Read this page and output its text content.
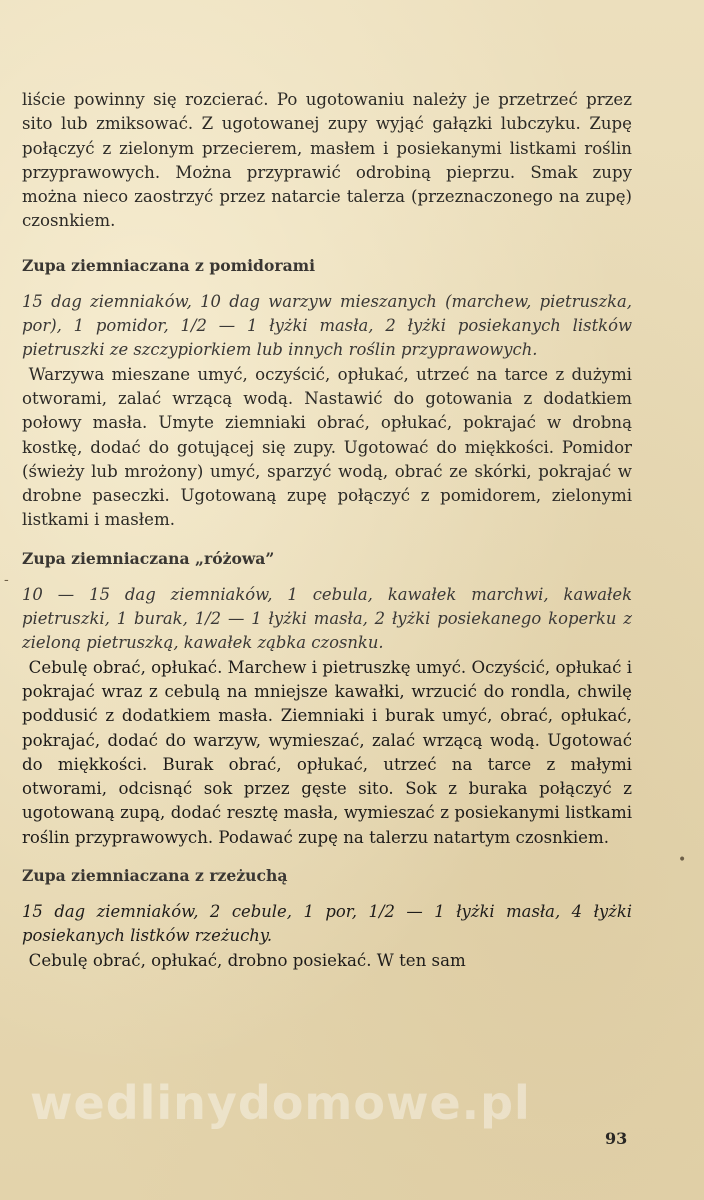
liście powinny się rozcierać. Po ugotowaniu należy je przetrzeć przez sito lub zmiksować. Z ugotowanej zupy wyjąć gałązki lubczyku. Zupę połączyć z zielonym przecierem, masłem i posiekanymi listkami roślin przyprawowych. Można przyprawić odrobiną pieprzu. Smak zupy można nieco zaostrzyć przez natarcie talerza (przeznaczonego na zupę) czosnkiem.

Zupa ziemniaczana z pomidorami

15 dag ziemniaków, 10 dag warzyw mieszanych (marchew, pietruszka, por), 1 pomidor, 1/2 — 1 łyżki masła, 2 łyżki posiekanych listków pietruszki ze szczypiorkiem lub innych roślin przyprawowych.

Warzywa mieszane umyć, oczyścić, opłukać, utrzeć na tarce z dużymi otworami, zalać wrzącą wodą. Nastawić do gotowania z dodatkiem połowy masła. Umyte ziemniaki obrać, opłukać, pokrajać w drobną kostkę, dodać do gotującej się zupy. Ugotować do miękkości. Pomidor (świeży lub mrożony) umyć, sparzyć wodą, obrać ze skórki, pokrajać w drobne paseczki. Ugotowaną zupę połączyć z pomidorem, zielonymi listkami i masłem.

Zupa ziemniaczana „różowa”

10 — 15 dag ziemniaków, 1 cebula, kawałek marchwi, kawałek pietruszki, 1 burak, 1/2 — 1 łyżki masła, 2 łyżki posiekanego koperku z zieloną pietruszką, kawałek ząbka czosnku.

Cebulę obrać, opłukać. Marchew i pietruszkę umyć. Oczyścić, opłukać i pokrajać wraz z cebulą na mniejsze kawałki, wrzucić do rondla, chwilę poddusić z dodatkiem masła. Ziemniaki i burak umyć, obrać, opłukać, pokrajać, dodać do warzyw, wymieszać, zalać wrzącą wodą. Ugotować do miękkości. Burak obrać, opłukać, utrzeć na tarce z małymi otworami, odcisnąć sok przez gęste sito. Sok z buraka połączyć z ugotowaną zupą, dodać resztę masła, wymieszać z posiekanymi listkami roślin przyprawowych. Podawać zupę na talerzu natartym czosnkiem.

Zupa ziemniaczana z rzeżuchą

15 dag ziemniaków, 2 cebule, 1 por, 1/2 — 1 łyżki masła, 4 łyżki posiekanych listków rzeżuchy.

Cebulę obrać, opłukać, drobno posiekać. W ten sam

-
•
wedlinydomowe.pl
93
